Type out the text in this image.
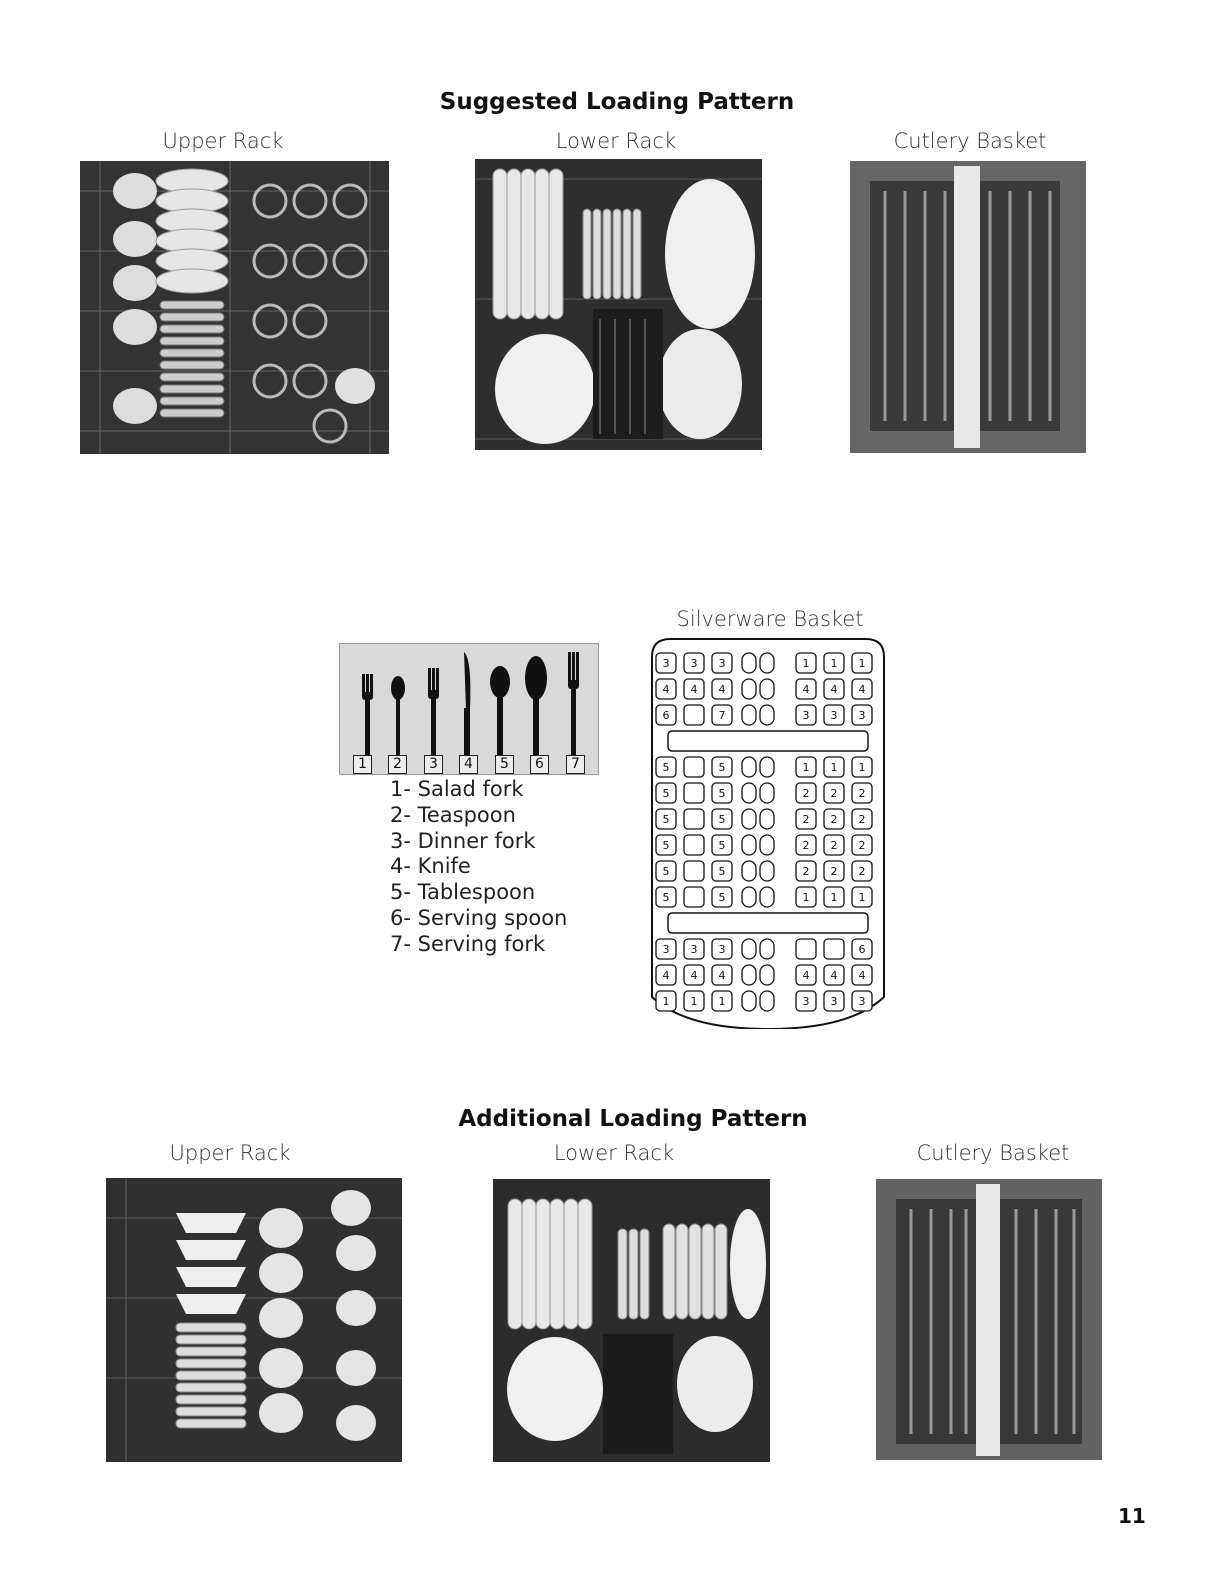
Suggested Loading Pattern
Upper Rack	Lower Rack	Cutlery Basket
Silverware Basket
1	2	3	4	5	6	7
1- Salad fork
2- Teaspoon
3- Dinner fork
4- Knife
5- Tablespoon
6- Serving spoon
7- Serving fork
3 3 3	1 1 1
4 4 4	4 4 4
6	7	3 3 3
5	5	1 1 1
5	5	2 2 2
5	5	2 2 2
5	5	2 2 2
5	5	2 2 2
5	5	1 1 1
3 3 3	6
4 4 4	4 4 4
1 1 1	3 3 3
Additional Loading Pattern
Upper Rack	Lower Rack	Cutlery Basket
11
